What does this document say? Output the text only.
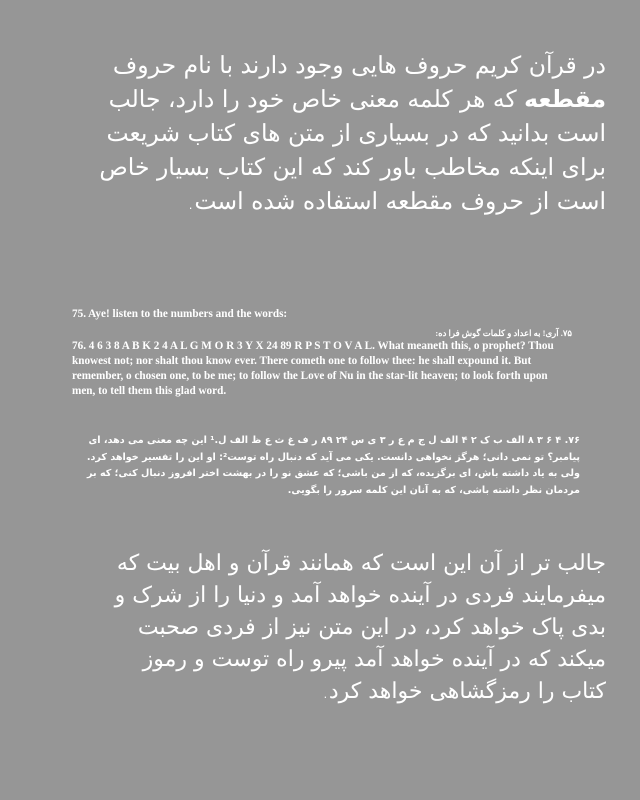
در قرآن کریم حروف هایی وجود دارند با نام حروف مقطعه که هر کلمه معنی خاص خود را دارد، جالب است بدانید که در بسیاری از متن های کتاب شریعت برای اینکه مخاطب باور کند که این کتاب بسیار خاص است از حروف مقطعه استفاده شده است.
75. Aye! listen to the numbers and the words:
۷۵. آری! به اعداد و کلمات گوش فرا ده:
76. 4 6 3 8 A B K 2 4 A L G M O R 3 Y X 24 89 R P S T O V A L. What meaneth this, o prophet? Thou knowest not; nor shalt thou know ever. There cometh one to follow thee: he shall expound it. But remember, o chosen one, to be me; to follow the Love of Nu in the star-lit heaven; to look forth upon men, to tell them this glad word.
۷۶. ۴ ۶ ۳ ۸ الف ب ک ۲ ۴ الف ل ج م ع ر ۳ ی س ۲۴ ۸۹ ر ف غ ث ع ظ الف ل.¹ این چه معنی می دهد، ای پیامبر؟ تو نمی دانی؛ هرگز نخواهی دانست. یکی می آید که دنبال راه توست²: او این را تفسیر خواهد کرد. ولی به یاد داشته باش، ای برگزیده، که از من باشی؛ که عشق نو را در بهشت اختر افروز دنبال کنی؛ که بر مردمان نظر داشته باشی، که به آنان این کلمه سرور را بگویی.
جالب تر از آن این است که همانند قرآن و اهل بیت که میفرمایند فردی در آینده خواهد آمد و دنیا را از شرک و بدی پاک خواهد کرد، در این متن نیز از فردی صحبت میکند که در آینده خواهد آمد پیرو راه توست و رموز کتاب را رمزگشاهی خواهد کرد.
